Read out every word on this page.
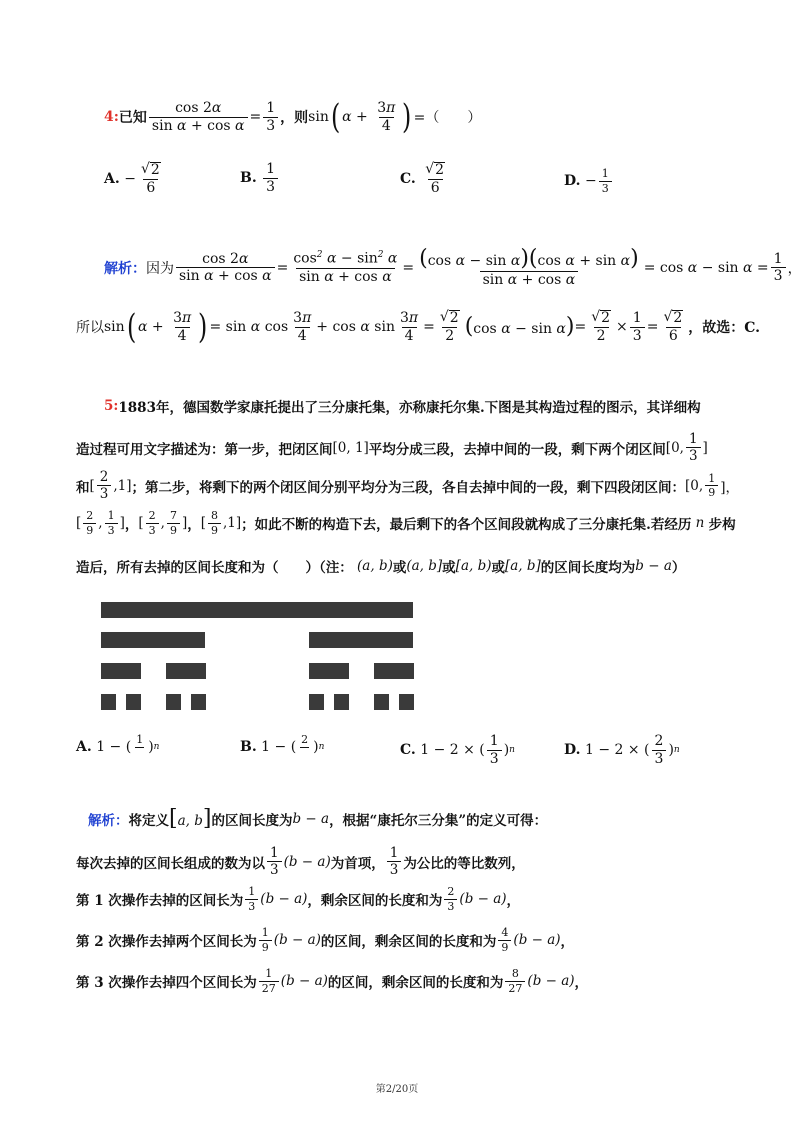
4: 已知 $\frac{\cos 2\alpha}{\text{sin α + cos α}} = \frac{1}{3}$ ，则 sin ( $\alpha + \frac{3\pi}{4}$ ) =（　　）
A.
− $\frac{√ 2}{6}$	B.
$\frac{1}{3}$	C.
$\frac{√ 2}{6}$	D.
− $\frac{1}{3}$
解析： 因为 $\frac{\cos 2\alpha}{\text{sin α + cos α}} = \frac{\cos^2 \alpha - \sin^2 \alpha}{\text{sin α + cos α}} = \frac{\text{(cos α − sin α)(cos α + sin α)}}{\text{sin α + cos α}} = \cos \alpha - \sin \alpha = \frac{1}{3}$ ，
所以 sin ( $\alpha + \frac{3\pi}{4}$ ) = sin α $\cos \frac{3\pi}{4} + \cos \alpha$ $\sin \frac{3\pi}{4} = \frac{√ 2}{2} (\cos$ $\alpha - \sin \alpha) = \frac{√ 2}{2} \times \frac{1}{3} = \frac{√ 2}{6}$ ，故选：C.
5: 1883年，德国数学家康托提出了三分康托集，亦称康托尔集.下图是其构造过程的图示，其详细构
造过程可用文字描述为：第一步，把闭区间 [0, 1] 平均分成三段，去掉中间的一段，剩下两个闭区间 [0, $\frac{1}{3}$ ]
和 [ $\frac{2}{3} ,1$] ；第二步，将剩下的两个闭区间分别平均分为三段，各自去掉中间的一段，剩下四段闭区间： [0, $\frac{1}{9}$ ]，
[ $\frac{2}{9}$ , $\frac{1}{3}$ ] ， [ $\frac{2}{3}$ , $\frac{7}{9}$ ] ， [ $\frac{8}{9} ,1$] ；如此不断的构造下去，最后剩下的各个区间段就构成了三分康托集.若经历 n 步构
造后，所有去掉的区间长度和为（　　）（注： (a, b) 或 (a, b] 或 [a, b) 或 [a, b] 的区间长度均为 b − a ）
A.
1 − ( 1
) n	B.
1 − ( 2
) n	C.
1 − 2 × ( $\frac{1}{3}$ ) n	D.
1 − 2 × ( $\frac{2}{3}$ ) n
解析： 将定义 [a, b] 的区间长度为 b − a ，根据“康托尔三分集”的定义可得：
每次去掉的区间长组成的数为以 $\frac{1}{3} (b - a)$ 为首项， $\frac{1}{3}$ 为公比的等比数列，
第 1 次操作去掉的区间长为 $\frac{1}{3} (b - a)$ ，剩余区间的长度和为 $\frac{2}{3} (b - a)$ ，
第 2 次操作去掉两个区间长为 $\frac{1}{9} (b - a)$ 的区间，剩余区间的长度和为 $\frac{4}{9} (b - a)$ ，
第 3 次操作去掉四个区间长为 $\frac{1}{27} (b - a)$ 的区间，剩余区间的长度和为 $\frac{8}{27} (b - a)$ ，
第2/20页
